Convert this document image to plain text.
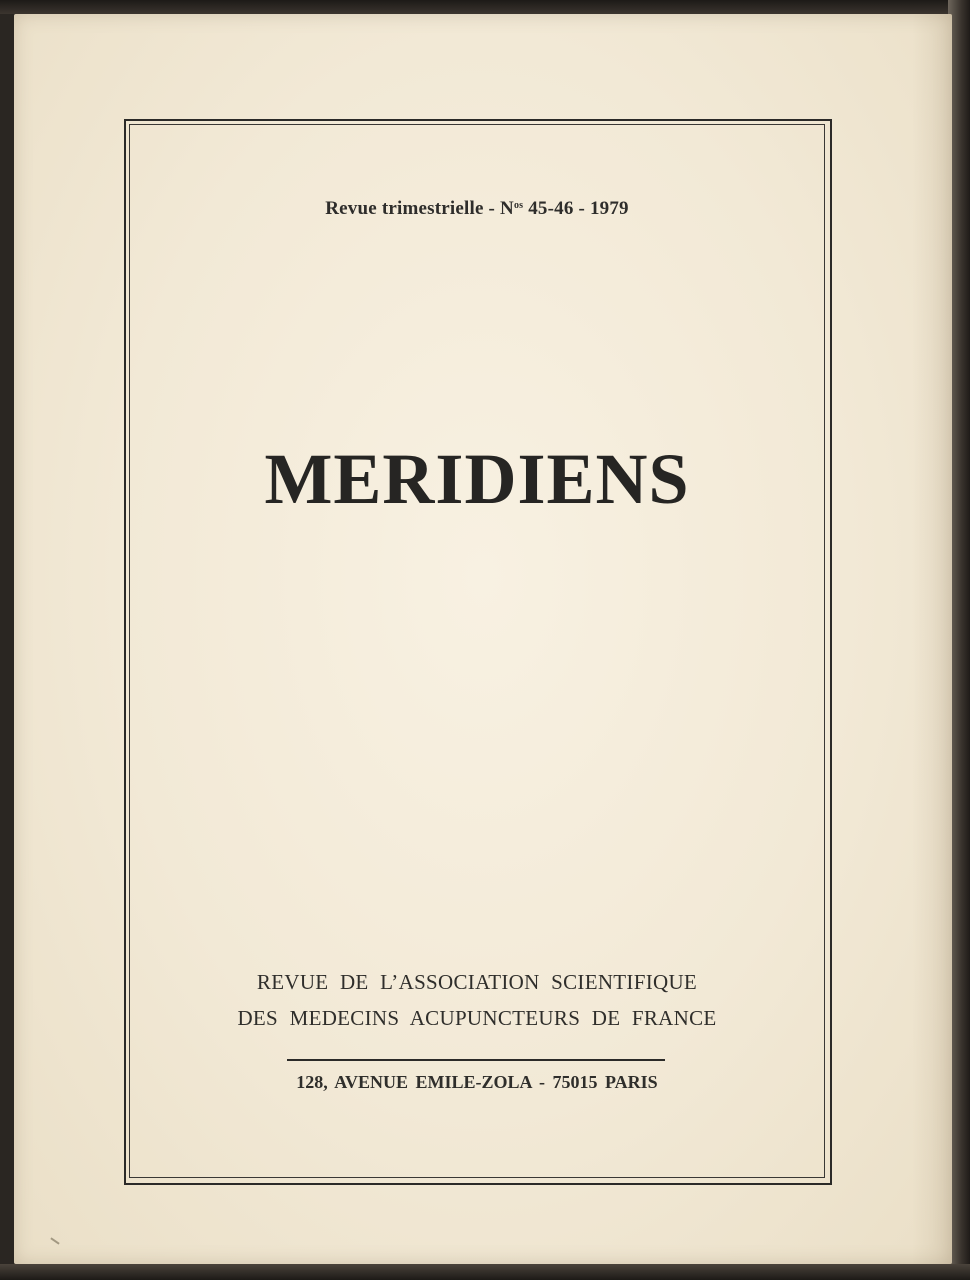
Revue trimestrielle - $N^{os}$ 45-46 - 1979
MERIDIENS
REVUE DE L’ASSOCIATION SCIENTIFIQUE
DES MEDECINS ACUPUNCTEURS DE FRANCE
128, AVENUE EMILE-ZOLA - 75015 PARIS
